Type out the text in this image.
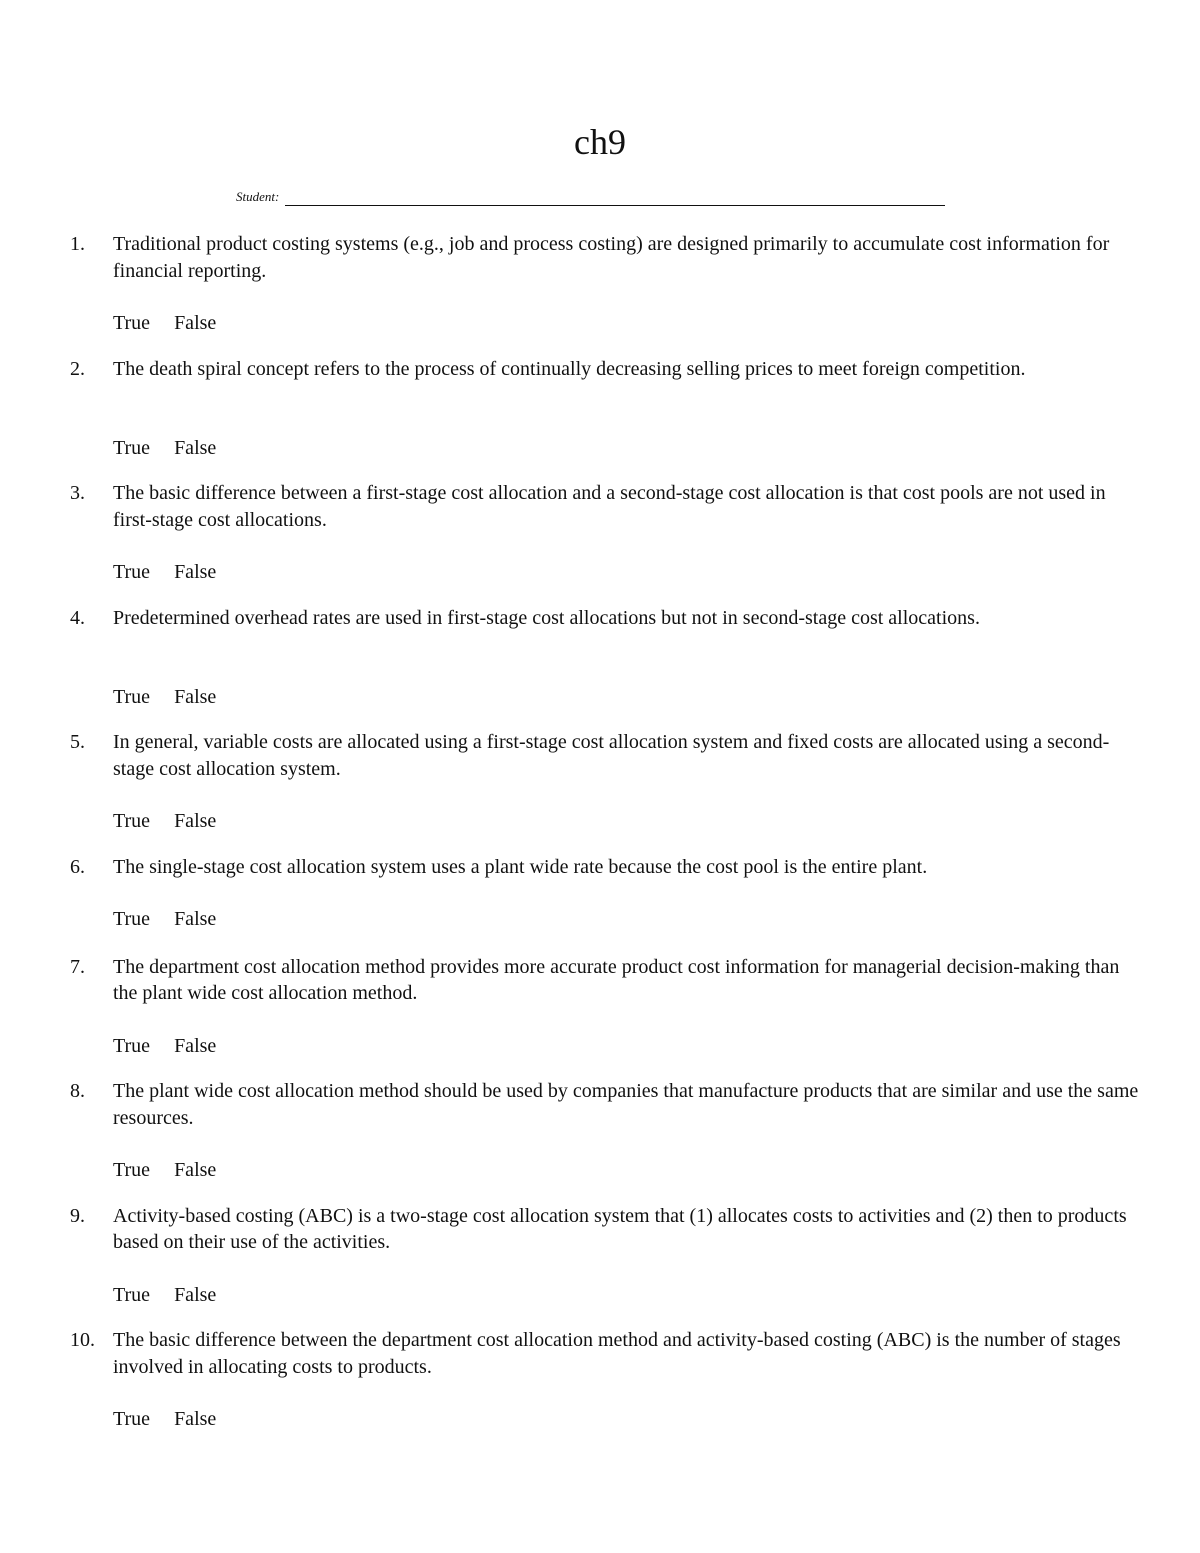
ch9
Student:
1. Traditional product costing systems (e.g., job and process costing) are designed primarily to accumulate cost information for financial reporting.
True False
2. The death spiral concept refers to the process of continually decreasing selling prices to meet foreign competition.
True False
3. The basic difference between a first-stage cost allocation and a second-stage cost allocation is that cost pools are not used in first-stage cost allocations.
True False
4. Predetermined overhead rates are used in first-stage cost allocations but not in second-stage cost allocations.
True False
5. In general, variable costs are allocated using a first-stage cost allocation system and fixed costs are allocated using a second-stage cost allocation system.
True False
6. The single-stage cost allocation system uses a plant wide rate because the cost pool is the entire plant.
True False
7. The department cost allocation method provides more accurate product cost information for managerial decision-making than the plant wide cost allocation method.
True False
8. The plant wide cost allocation method should be used by companies that manufacture products that are similar and use the same resources.
True False
9. Activity-based costing (ABC) is a two-stage cost allocation system that (1) allocates costs to activities and (2) then to products based on their use of the activities.
True False
10. The basic difference between the department cost allocation method and activity-based costing (ABC) is the number of stages involved in allocating costs to products.
True False
